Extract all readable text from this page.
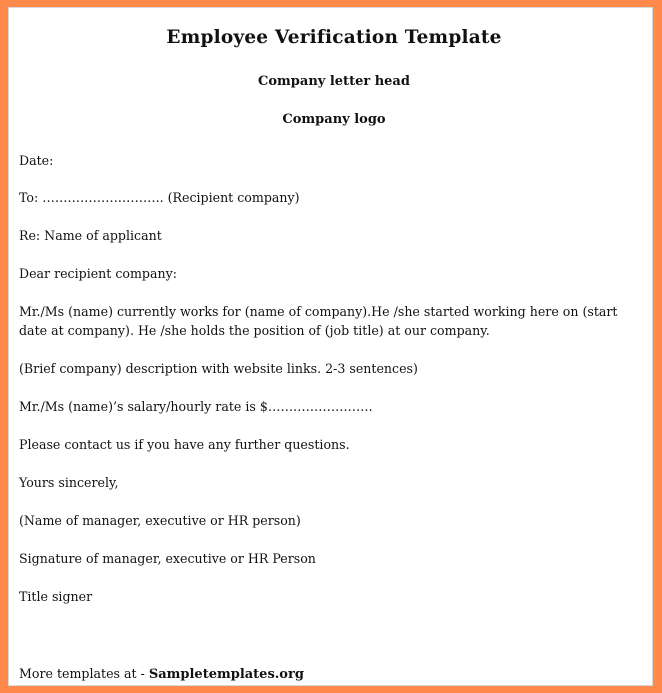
Employee Verification Template
Company letter head
Company logo
Date:
To: ……………………….. (Recipient company)
Re: Name of applicant
Dear recipient company:
Mr./Ms (name) currently works for (name of company).He /she started working here on (start date at company). He /she holds the position of (job title) at our company.
(Brief company) description with website links. 2-3 sentences)
Mr./Ms (name)’s salary/hourly rate is $…………………….
Please contact us if you have any further questions.
Yours sincerely,
(Name of manager, executive or HR person)
Signature of manager, executive or HR Person
Title signer
More templates at - Sampletemplates.org
